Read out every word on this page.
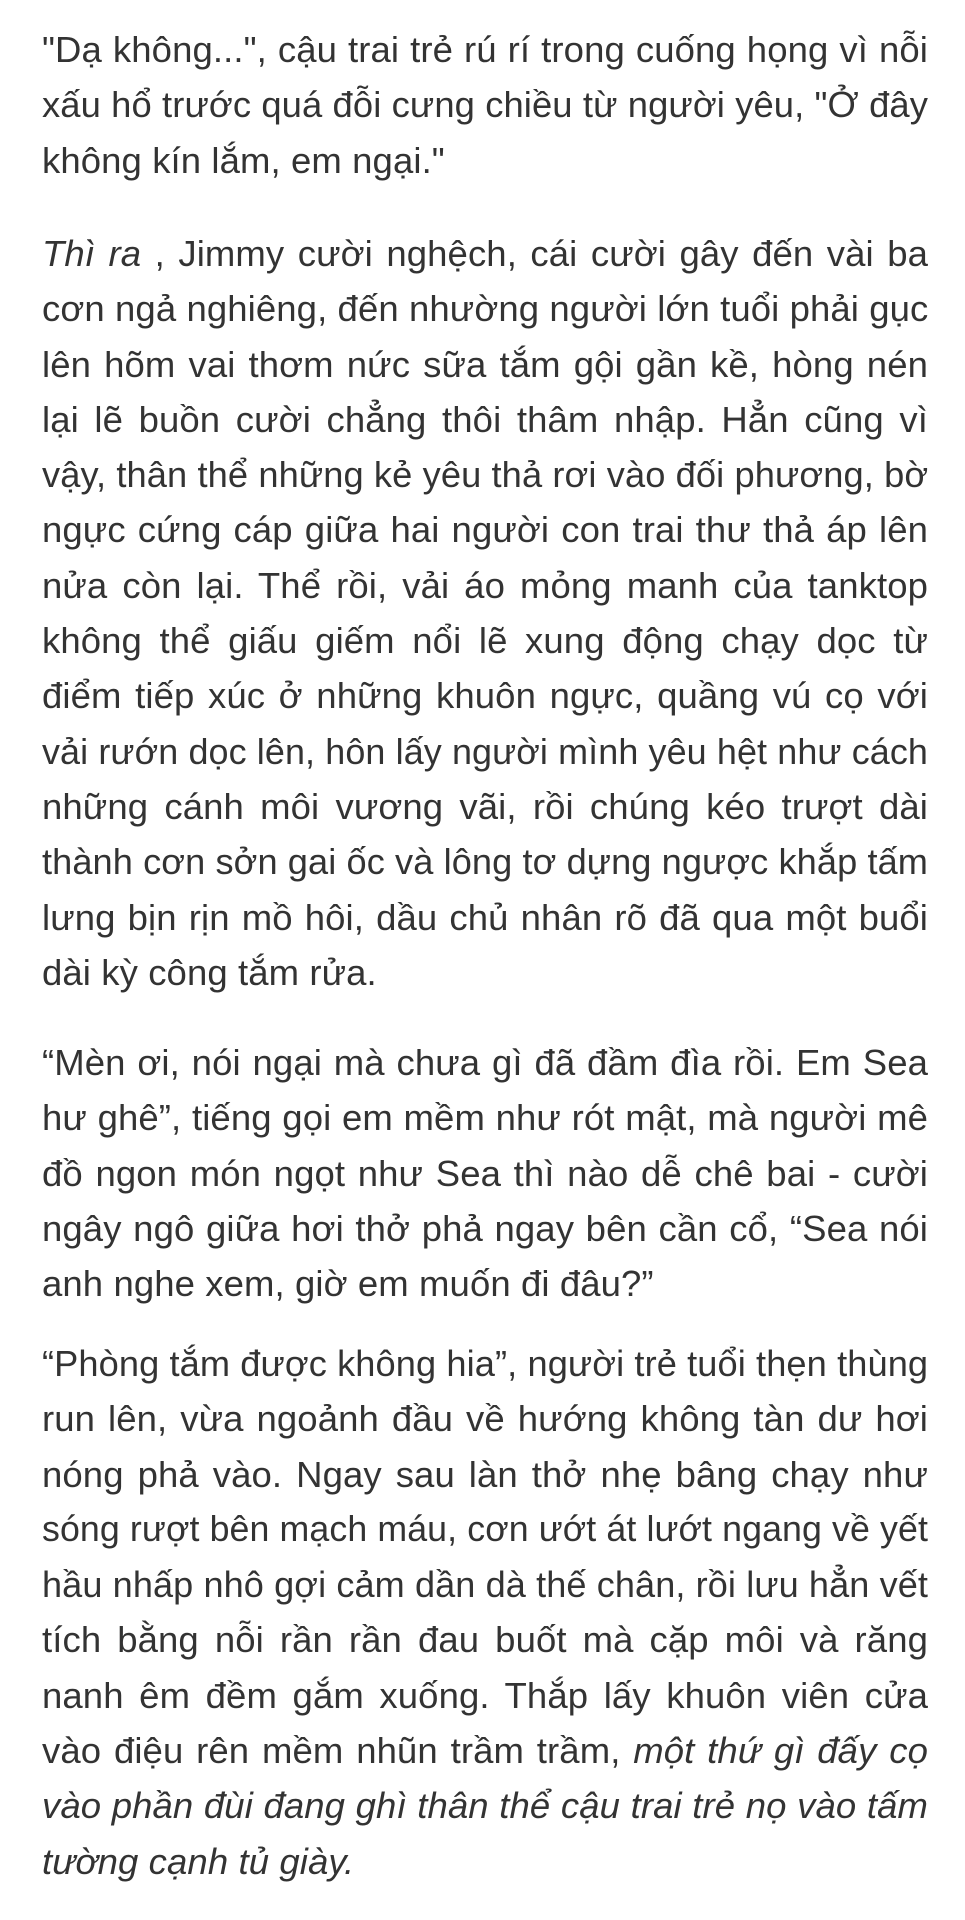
"Dạ không...", cậu trai trẻ rú rí trong cuống họng vì nỗi
xấu hổ trước quá đỗi cưng chiều từ người yêu, "Ở đây
không kín lắm, em ngại."

Thì ra , Jimmy cười nghệch, cái cười gây đến vài ba
cơn ngả nghiêng, đến nhường người lớn tuổi phải gục
lên hõm vai thơm nức sữa tắm gội gần kề, hòng nén
lại lẽ buồn cười chẳng thôi thâm nhập. Hẳn cũng vì
vậy, thân thể những kẻ yêu thả rơi vào đối phương, bờ
ngực cứng cáp giữa hai người con trai thư thả áp lên
nửa còn lại. Thể rồi, vải áo mỏng manh của tanktop
không thể giấu giếm nổi lẽ xung động chạy dọc từ
điểm tiếp xúc ở những khuôn ngực, quầng vú cọ với
vải rướn dọc lên, hôn lấy người mình yêu hệt như cách
những cánh môi vương vãi, rồi chúng kéo trượt dài
thành cơn sởn gai ốc và lông tơ dựng ngược khắp tấm
lưng bịn rịn mồ hôi, dầu chủ nhân rõ đã qua một buổi
dài kỳ công tắm rửa.

“Mèn ơi, nói ngại mà chưa gì đã đầm đìa rồi. Em Sea
hư ghê”, tiếng gọi em mềm như rót mật, mà người mê
đồ ngon món ngọt như Sea thì nào dễ chê bai - cười
ngây ngô giữa hơi thở phả ngay bên cần cổ, “Sea nói
anh nghe xem, giờ em muốn đi đâu?”

“Phòng tắm được không hia”, người trẻ tuổi thẹn thùng
run lên, vừa ngoảnh đầu về hướng không tàn dư hơi
nóng phả vào. Ngay sau làn thở nhẹ bâng chạy như
sóng rượt bên mạch máu, cơn ướt át lướt ngang về yết
hầu nhấp nhô gợi cảm dần dà thế chân, rồi lưu hẳn vết
tích bằng nỗi rần rần đau buốt mà cặp môi và răng
nanh êm đềm gắm xuống. Thắp lấy khuôn viên cửa
vào điệu rên mềm nhũn trầm trầm, một thứ gì đấy cọ
vào phần đùi đang ghì thân thể cậu trai trẻ nọ vào tấm
tường cạnh tủ giày.
